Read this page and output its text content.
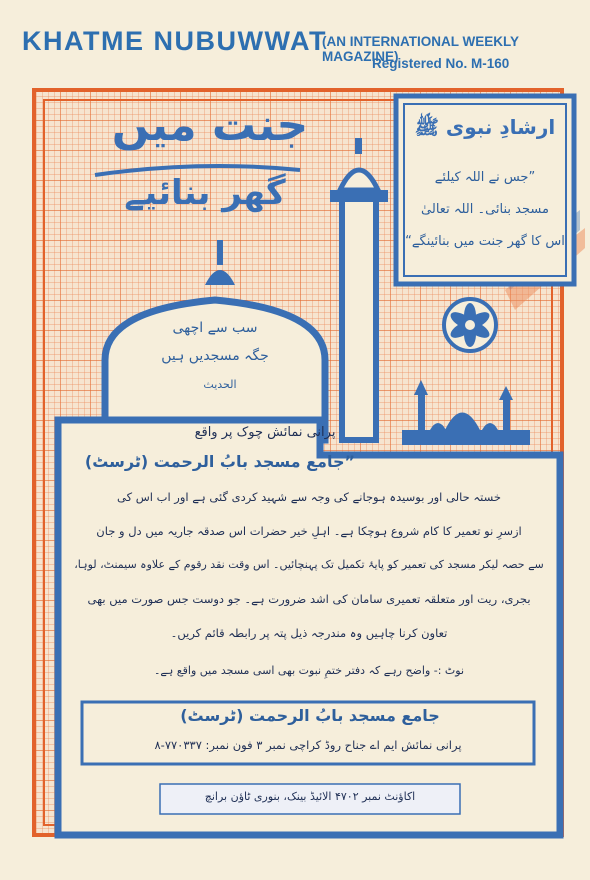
KHATME NUBUWWAT
(AN INTERNATIONAL WEEKLY MAGAZINE)
Registered No. M-160
جنت میں
گھر بنائیے
ارشادِ نبوی ﷺ
”جس نے اللہ کیلئے
مسجد بنائی۔ اللہ تعالیٰ
اس کا گھر جنت میں بنائینگے“
سب سے اچھی
جگہ مسجدیں ہیں
الحدیث
پرانی نمائش چوک پر واقع
”جامع مسجد بابُ الرحمت (ٹرسٹ)
خستہ حالی اور بوسیدہ ہوجانے کی وجہ سے شہید کردی گئی ہے اور اب اس کی
ازسرِ نو تعمیر کا کام شروع ہوچکا ہے۔ اہلِ خیر حضرات اس صدقہ جاریہ میں دل و جان
سے حصہ لیکر مسجد کی تعمیر کو پایۂ تکمیل تک پہنچائیں۔ اس وقت نقد رقوم کے علاوہ سیمنٹ، لوہا،
بجری، ریت اور متعلقہ تعمیری سامان کی اشد ضرورت ہے۔ جو دوست جس صورت میں بھی
تعاون کرنا چاہیں وہ مندرجہ ذیل پتہ پر رابطہ قائم کریں۔
نوٹ :- واضح رہے کہ دفتر ختمِ نبوت بھی اسی مسجد میں واقع ہے۔
جامع مسجد بابُ الرحمت (ٹرسٹ)
پرانی نمائش ایم اے جناح روڈ کراچی نمبر ۳ فون نمبر: ۷۷۰۳۳۷-۸
اکاؤنٹ نمبر ۴۷۰۲ الائیڈ بینک، بنوری ٹاؤن برانچ
